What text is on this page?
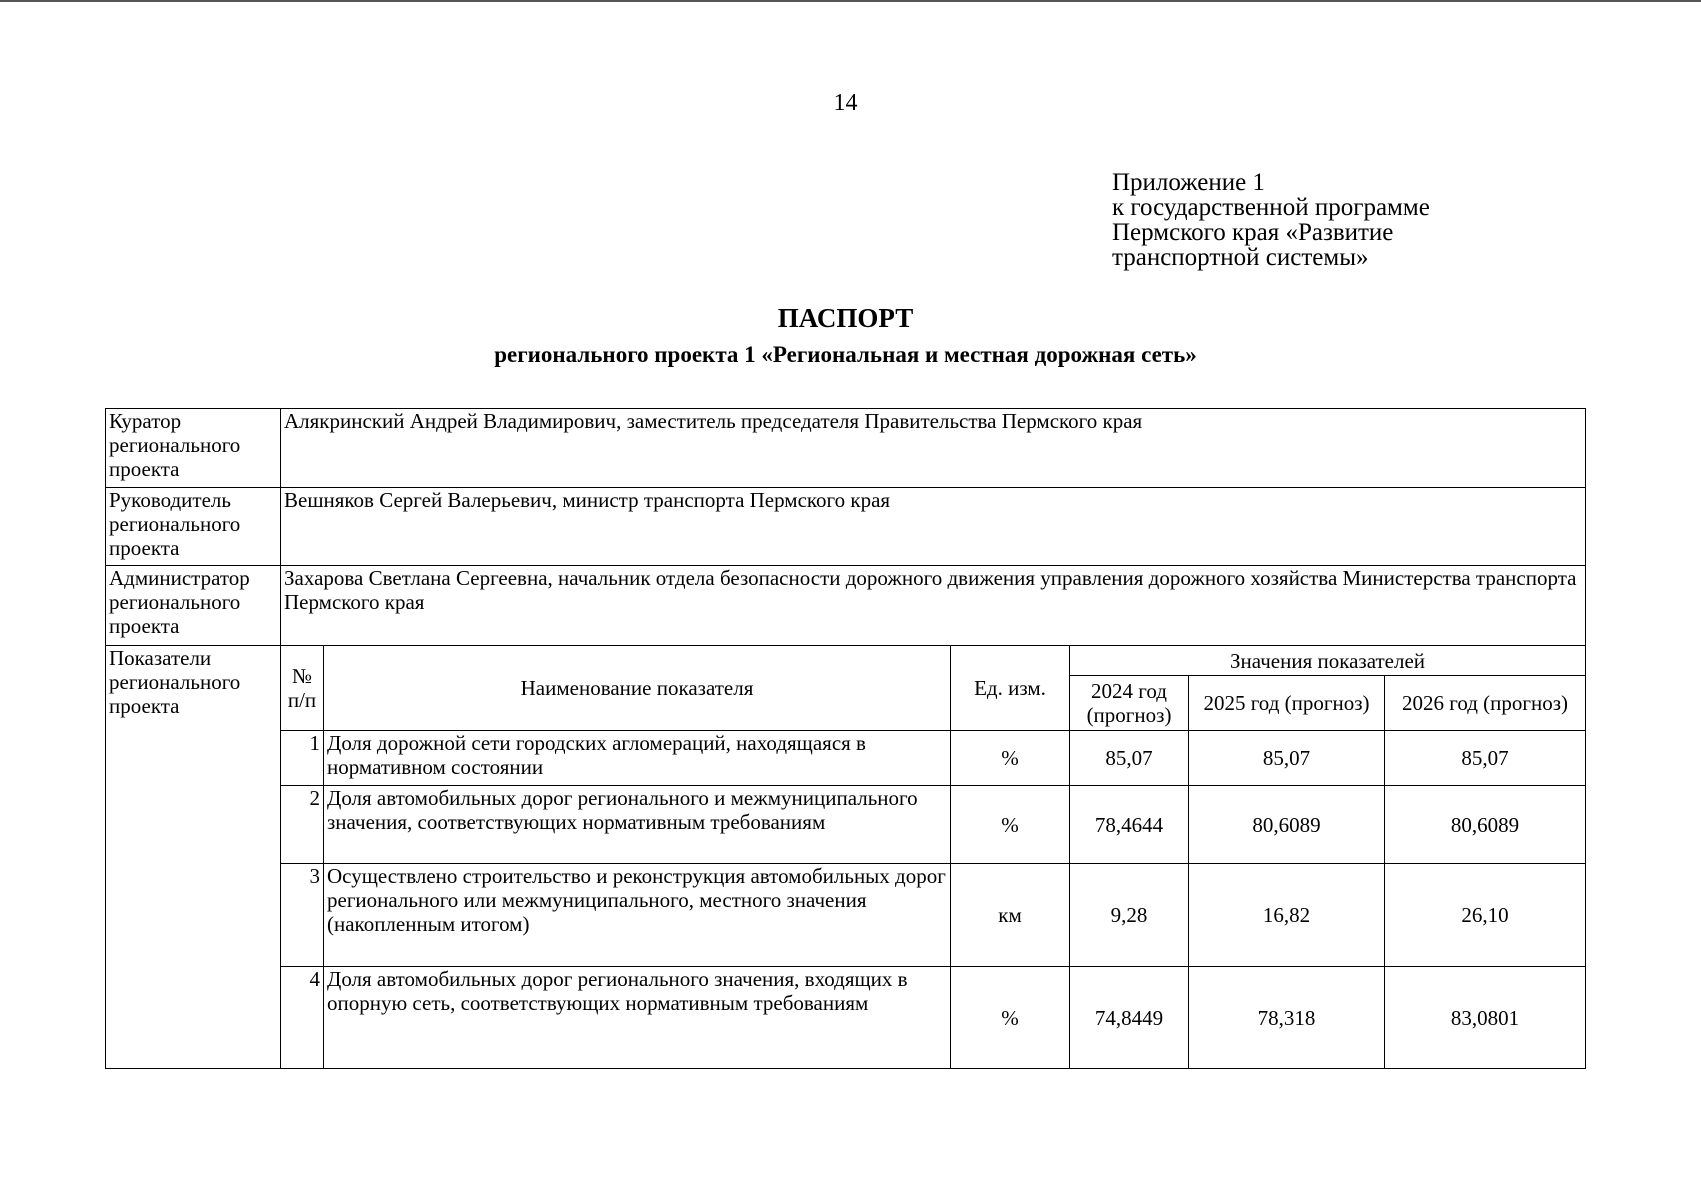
14
Приложение 1
к государственной программе
Пермского края «Развитие
транспортной системы»
ПАСПОРТ
регионального проекта 1 «Региональная и местная дорожная сеть»
Куратор регионального проекта	Алякринский Андрей Владимирович, заместитель председателя Правительства Пермского края					
Руководитель регионального проекта	Вешняков Сергей Валерьевич, министр транспорта Пермского края					
Администратор регионального проекта	Захарова Светлана Сергеевна, начальник отдела безопасности дорожного движения управления дорожного хозяйства Министерства транспорта Пермского края					
Показатели регионального проекта	№ п/п	Наименование показателя	Ед. изм.	Значения показателей		
				2024 год (прогноз)	2025 год (прогноз)	2026 год (прогноз)
	1	Доля дорожной сети городских агломераций, находящаяся в нормативном состоянии	%	85,07	85,07	85,07
	2	Доля автомобильных дорог регионального и межмуниципального значения, соответствующих нормативным требованиям	%	78,4644	80,6089	80,6089
	3	Осуществлено строительство и реконструкция автомобильных дорог регионального или межмуниципального, местного значения (накопленным итогом)	км	9,28	16,82	26,10
	4	Доля автомобильных дорог регионального значения, входящих в опорную сеть, соответствующих нормативным требованиям	%	74,8449	78,318	83,0801
